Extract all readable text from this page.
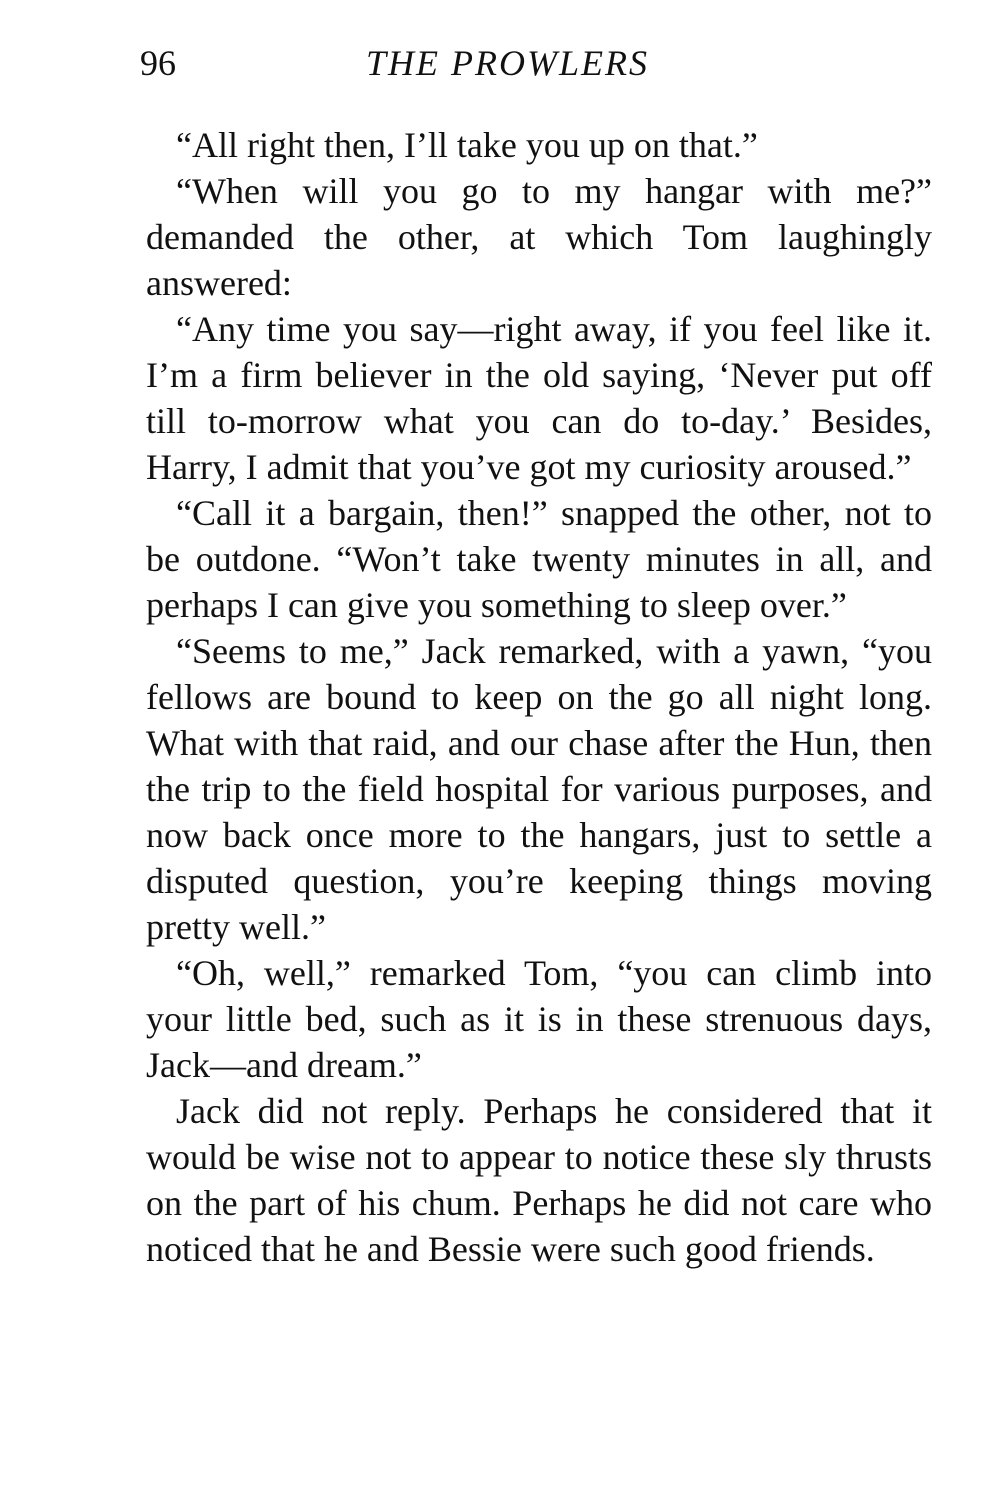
96	THE PROWLERS

“All right then, I’ll take you up on that.”

“When will you go to my hangar with me?” demanded the other, at which Tom laughingly answered:

“Any time you say—right away, if you feel like it. I’m a firm believer in the old saying, ‘Never put off till to-morrow what you can do to-day.’ Besides, Harry, I admit that you’ve got my curiosity aroused.”

“Call it a bargain, then!” snapped the other, not to be outdone. “Won’t take twenty minutes in all, and perhaps I can give you something to sleep over.”

“Seems to me,” Jack remarked, with a yawn, “you fellows are bound to keep on the go all night long. What with that raid, and our chase after the Hun, then the trip to the field hospital for various purposes, and now back once more to the hangars, just to settle a disputed question, you’re keeping things moving pretty well.”

“Oh, well,” remarked Tom, “you can climb into your little bed, such as it is in these strenuous days, Jack—and dream.”

Jack did not reply. Perhaps he considered that it would be wise not to appear to notice these sly thrusts on the part of his chum. Perhaps he did not care who noticed that he and Bessie were such good friends.
